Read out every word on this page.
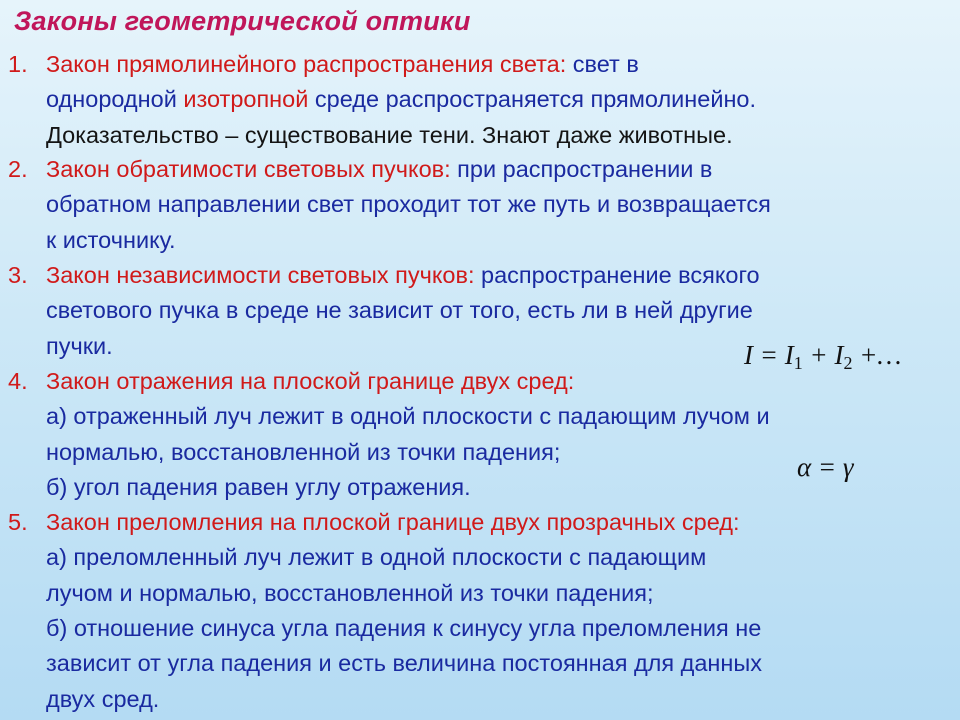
Законы геометрической оптики
1. Закон прямолинейного распространения света: свет в
однородной изотропной среде распространяется прямолинейно.
Доказательство – существование тени. Знают даже животные.
2. Закон обратимости световых пучков: при распространении в
обратном направлении свет проходит тот же путь и возвращается
к источнику.
3. Закон независимости световых пучков: распространение всякого
светового пучка в среде не зависит от того, есть ли в ней другие
пучки.
4. Закон отражения на плоской границе двух сред:
а) отраженный луч лежит в одной плоскости с падающим лучом и
нормалью, восстановленной из точки падения;
б) угол падения равен углу отражения.
5. Закон преломления на плоской границе двух прозрачных сред:
а) преломленный луч лежит в одной плоскости с падающим
лучом и нормалью, восстановленной из точки падения;
б) отношение синуса угла падения к синусу угла преломления не
зависит от угла падения и есть величина постоянная для данных
двух сред.
$I = I_1 + I_2$ +…
α = γ
